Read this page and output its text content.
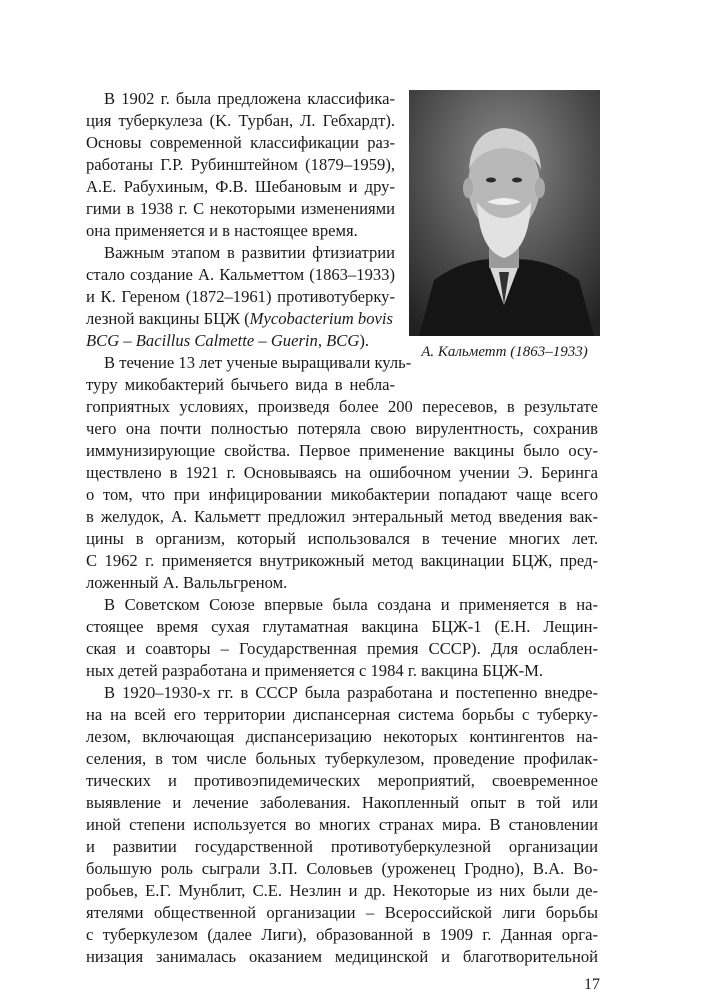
А. Кальметт (1863–1933)
В 1902 г. была предложена классифика-
ция туберкулеза (K. Турбан, Л. Гебхардт).
Основы современной классификации раз-
работаны Г.Р. Рубинштейном (1879–1959),
А.Е. Рабухиным, Ф.В. Шебановым и дру-
гими в 1938 г. С некоторыми изменениями
она применяется и в настоящее время.
Важным этапом в развитии фтизиатрии
стало создание А. Кальметтом (1863–1933)
и К. Гереном (1872–1961) противотуберку-
лезной вакцины БЦЖ (Mycobacterium bovis
BCG – Bacillus Calmette – Guerin, BCG).
В течение 13 лет ученые выращивали куль-
туру микобактерий бычьего вида в небла-
гоприятных условиях, произведя более 200 пересевов, в результате
чего она почти полностью потеряла свою вирулентность, сохранив
иммунизирующие свойства. Первое применение вакцины было осу-
ществлено в 1921 г. Основываясь на ошибочном учении Э. Беринга
о том, что при инфицировании микобактерии попадают чаще всего
в желудок, А. Кальметт предложил энтеральный метод введения вак-
цины в организм, который использовался в течение многих лет.
С 1962 г. применяется внутрикожный метод вакцинации БЦЖ, пред-
ложенный А. Вальльгреном.
В Советском Союзе впервые была создана и применяется в на-
стоящее время сухая глутаматная вакцина БЦЖ-1 (Е.Н. Лещин-
ская и соавторы – Государственная премия СССР). Для ослаблен-
ных детей разработана и применяется с 1984 г. вакцина БЦЖ-М.
В 1920–1930-х гг. в СССР была разработана и постепенно внедре-
на на всей его территории диспансерная система борьбы с туберку-
лезом, включающая диспансеризацию некоторых контингентов на-
селения, в том числе больных туберкулезом, проведение профилак-
тических и противоэпидемических мероприятий, своевременное
выявление и лечение заболевания. Накопленный опыт в той или
иной степени используется во многих странах мира. В становлении
и развитии государственной противотуберкулезной организации
большую роль сыграли З.П. Соловьев (уроженец Гродно), В.А. Во-
робьев, Е.Г. Мунблит, С.Е. Незлин и др. Некоторые из них были де-
ятелями общественной организации – Всероссийской лиги борьбы
с туберкулезом (далее Лиги), образованной в 1909 г. Данная орга-
низация занималась оказанием медицинской и благотворительной
17
